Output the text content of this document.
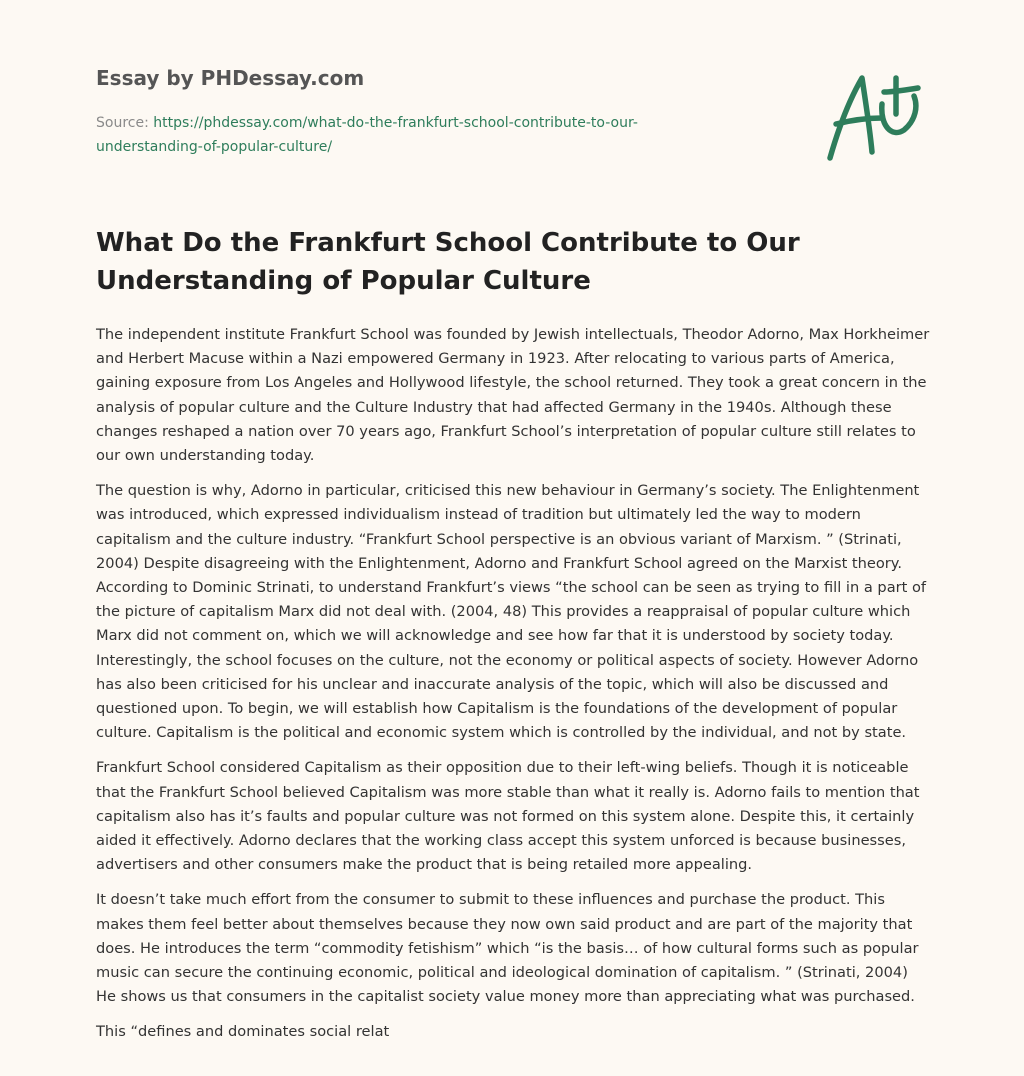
Essay by PHDessay.com
Source: https://phdessay.com/what-do-the-frankfurt-school-contribute-to-our-
understanding-of-popular-culture/
What Do the Frankfurt School Contribute to Our Understanding of Popular Culture

The independent institute Frankfurt School was founded by Jewish intellectuals, Theodor Adorno, Max Horkheimer and Herbert Macuse within a Nazi empowered Germany in 1923. After relocating to various parts of America, gaining exposure from Los Angeles and Hollywood lifestyle, the school returned. They took a great concern in the analysis of popular culture and the Culture Industry that had affected Germany in the 1940s. Although these changes reshaped a nation over 70 years ago, Frankfurt School’s interpretation of popular culture still relates to our own understanding today.

The question is why, Adorno in particular, criticised this new behaviour in Germany’s society. The Enlightenment was introduced, which expressed individualism instead of tradition but ultimately led the way to modern capitalism and the culture industry. “Frankfurt School perspective is an obvious variant of Marxism. ” (Strinati, 2004) Despite disagreeing with the Enlightenment, Adorno and Frankfurt School agreed on the Marxist theory. According to Dominic Strinati, to understand Frankfurt’s views “the school can be seen as trying to fill in a part of the picture of capitalism Marx did not deal with. (2004, 48) This provides a reappraisal of popular culture which Marx did not comment on, which we will acknowledge and see how far that it is understood by society today. Interestingly, the school focuses on the culture, not the economy or political aspects of society. However Adorno has also been criticised for his unclear and inaccurate analysis of the topic, which will also be discussed and questioned upon. To begin, we will establish how Capitalism is the foundations of the development of popular culture. Capitalism is the political and economic system which is controlled by the individual, and not by state.

Frankfurt School considered Capitalism as their opposition due to their left-wing beliefs. Though it is noticeable that the Frankfurt School believed Capitalism was more stable than what it really is. Adorno fails to mention that capitalism also has it’s faults and popular culture was not formed on this system alone. Despite this, it certainly aided it effectively. Adorno declares that the working class accept this system unforced is because businesses, advertisers and other consumers make the product that is being retailed more appealing.

It doesn’t take much effort from the consumer to submit to these influences and purchase the product. This makes them feel better about themselves because they now own said product and are part of the majority that does. He introduces the term “commodity fetishism” which “is the basis… of how cultural forms such as popular music can secure the continuing economic, political and ideological domination of capitalism. ” (Strinati, 2004) He shows us that consumers in the capitalist society value money more than appreciating what was purchased.

This “defines and dominates social relat
